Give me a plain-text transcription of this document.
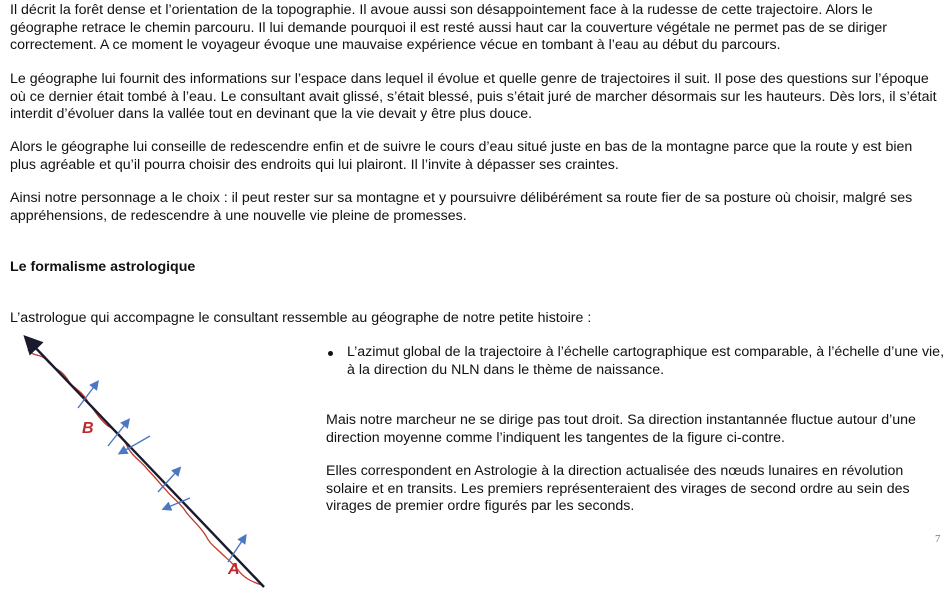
Il décrit la forêt dense et l’orientation de la topographie. Il avoue aussi son désappointement face à la rudesse de cette trajectoire. Alors le géographe retrace le chemin parcouru. Il lui demande pourquoi il est resté aussi haut car la couverture végétale ne permet pas de se diriger correctement. A ce moment le voyageur évoque une mauvaise expérience vécue en tombant à l’eau au début du parcours.

Le géographe lui fournit des informations sur l’espace dans lequel il évolue et quelle genre de trajectoires il suit. Il pose des questions sur l’époque où ce dernier était tombé à l’eau. Le consultant avait glissé, s’était blessé, puis s’était juré de marcher désormais sur les hauteurs. Dès lors, il s’était interdit d’évoluer dans la vallée tout en devinant que la vie devait y être plus douce.

Alors le géographe lui conseille de redescendre enfin et de suivre le cours d’eau situé juste en bas de la montagne parce que la route y est bien plus agréable et qu’il pourra choisir des endroits qui lui plairont. Il l’invite à dépasser ses craintes.

Ainsi notre personnage a le choix : il peut rester sur sa montagne et y poursuivre délibérément sa route fier de sa posture où choisir, malgré ses appréhensions, de redescendre à une nouvelle vie pleine de promesses.

Le formalisme astrologique

L’astrologue qui accompagne le consultant ressemble au géographe de notre petite histoire :

L’azimut global de la trajectoire à l’échelle cartographique est comparable, à l’échelle d’une vie, à la direction du NLN dans le thème de naissance.

Mais notre marcheur ne se dirige pas tout droit. Sa direction instantannée fluctue autour d’une direction moyenne comme l’indiquent les tangentes de la figure ci-contre.

Elles correspondent en Astrologie à la direction actualisée des nœuds lunaires en révolution solaire et en transits. Les premiers représenteraient des virages de second ordre au sein des virages de premier ordre figurés par les seconds.

7
B
A
